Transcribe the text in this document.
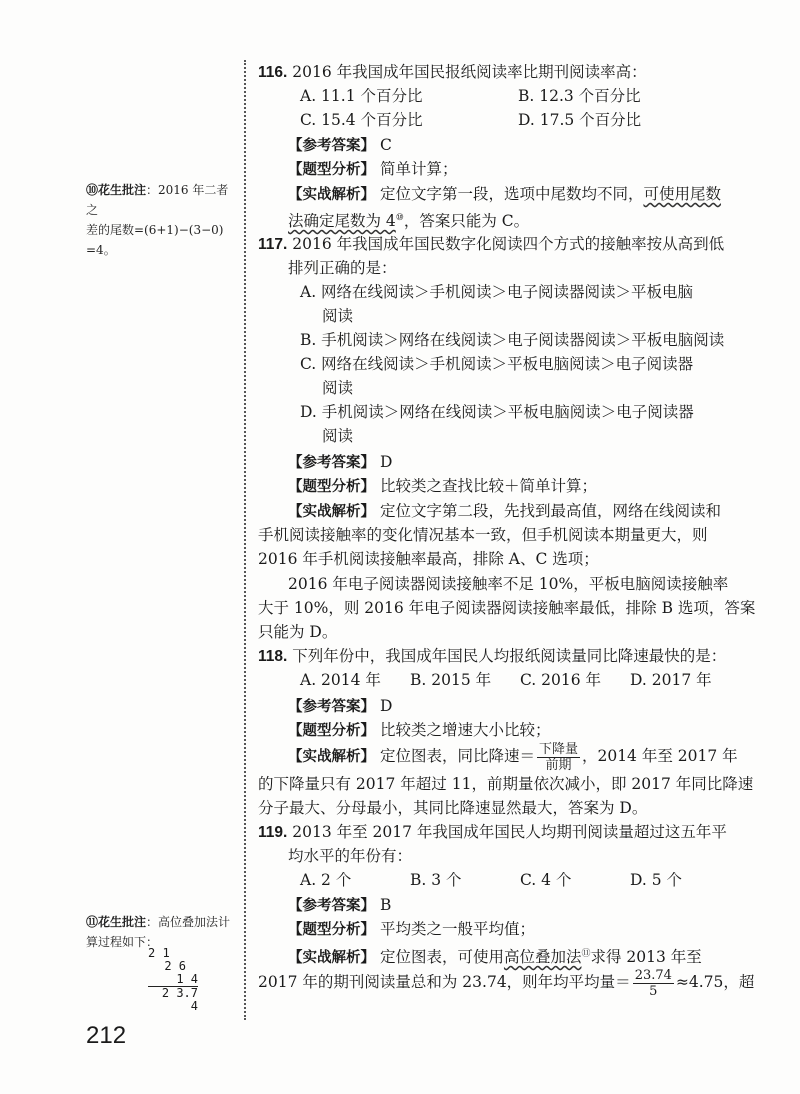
⑩花生批注：2016 年二者之
差的尾数=(6+1)−(3−0)
=4。
⑪花生批注：高位叠加法计
算过程如下：
2 1
2 6
1 4
2 3.7 4
116. 2016 年我国成年国民报纸阅读率比期刊阅读率高：
A. 11.1 个百分比	B. 12.3 个百分比
C. 15.4 个百分比	D. 17.5 个百分比
【参考答案】 C
【题型分析】 简单计算；
【实战解析】 定位文字第一段，选项中尾数均不同，可使用尾数
法确定尾数为 4⑩，答案只能为 C。
117. 2016 年我国成年国民数字化阅读四个方式的接触率按从高到低
排列正确的是：
A. 网络在线阅读＞手机阅读＞电子阅读器阅读＞平板电脑
阅读
B. 手机阅读＞网络在线阅读＞电子阅读器阅读＞平板电脑阅读
C. 网络在线阅读＞手机阅读＞平板电脑阅读＞电子阅读器
阅读
D. 手机阅读＞网络在线阅读＞平板电脑阅读＞电子阅读器
阅读
【参考答案】 D
【题型分析】 比较类之查找比较＋简单计算；
【实战解析】 定位文字第二段，先找到最高值，网络在线阅读和
手机阅读接触率的变化情况基本一致，但手机阅读本期量更大，则
2016 年手机阅读接触率最高，排除 A、C 选项；
2016 年电子阅读器阅读接触率不足 10%，平板电脑阅读接触率
大于 10%，则 2016 年电子阅读器阅读接触率最低，排除 B 选项，答案
只能为 D。
118. 下列年份中，我国成年国民人均报纸阅读量同比降速最快的是：
A. 2014 年 B. 2015 年 C. 2016 年 D. 2017 年
【参考答案】 D
【题型分析】 比较类之增速大小比较；
【实战解析】 定位图表，同比降速＝ $\frac{\text{下降量}}{\text{前期}}$ ，2014 年至 2017 年
的下降量只有 2017 年超过 11，前期量依次减小，即 2017 年同比降速
分子最大、分母最小，其同比降速显然最大，答案为 D。
119. 2013 年至 2017 年我国成年国民人均期刊阅读量超过这五年平
均水平的年份有：
A. 2 个	B. 3 个	C. 4 个	D. 5 个
【参考答案】 B
【题型分析】 平均类之一般平均值；
【实战解析】 定位图表，可使用高位叠加法⑪求得 2013 年至
2017 年的期刊阅读量总和为 23.74，则年均平均量＝ $\frac{23.74}{5} \approx 4.75$，超
212
